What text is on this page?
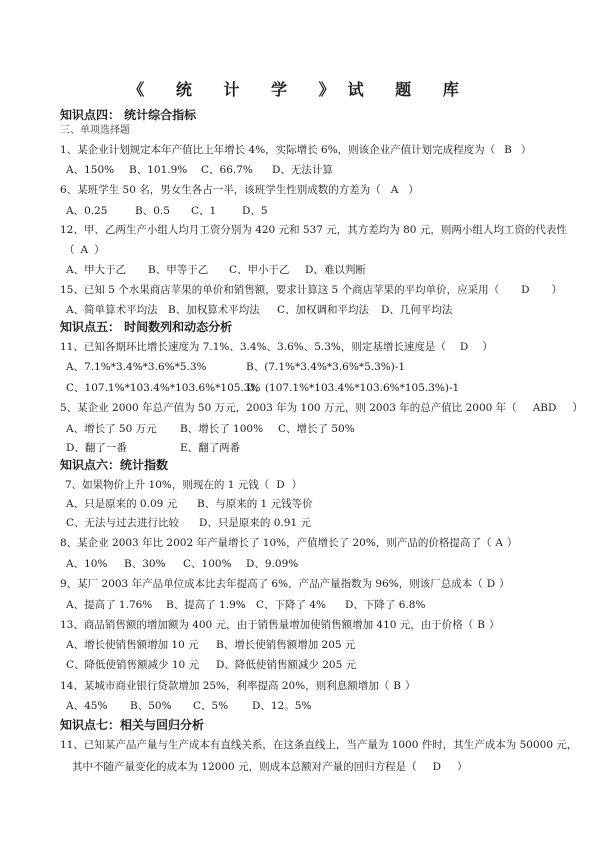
《 统 计 学 》试 题 库
知识点四： 统计综合指标
三、单项选择题
1、某企业计划规定本年产值比上年增长 4%，实际增长 6%，则该企业产值计划完成程度为（ B ）
A、150% B、101.9% C、66.7% D、无法计算
6、某班学生 50 名，男女生各占一半，该班学生性别成数的方差为（ A ）
A、0.25	B、0.5 C、1 D、5
12、甲、乙两生产小组人均月工资分别为 420 元和 537 元，其方差均为 80 元，则两小组人均工资的代表性
（ A ）
A、甲大于乙 B、甲等于乙 C、甲小于乙 D、难以判断
15、已知 5 个水果商店苹果的单价和销售额，要求计算这 5 个商店苹果的平均单价，应采用（ D ）
A、简单算术平均法 B、加权算术平均法 C、加权调和平均法 D、几何平均法
知识点五： 时间数列和动态分析
11、已知各期环比增长速度为 7.1%、3.4%、3.6%、5.3%，则定基增长速度是（ D ）
A、7.1%*3.4%*3.6%*5.3%	B、(7.1%*3.4%*3.6%*5.3%)-1
C、107.1%*103.4%*103.6%*105.3%
D、(107.1%*103.4%*103.6%*105.3%)-1
5、某企业 2000 年总产值为 50 万元，2003 年为 100 万元，则 2003 年的总产值比 2000 年（ ABD ）
A、增长了 50 万元 B、增长了 100% C、增长了 50%
D、翻了一番	E、翻了两番
知识点六：统计指数
7、如果物价上升 10%，则现在的 1 元钱（ D ）
A、只是原来的 0.09 元 B、与原来的 1 元钱等价
C、无法与过去进行比较 D、只是原来的 0.91 元
8、某企业 2003 年比 2002 年产量增长了 10%，产值增长了 20%，则产品的价格提高了（ A ）
A、10% B、30% C、100% D、9.09%
9、某厂 2003 年产品单位成本比去年提高了 6%，产品产量指数为 96%，则该厂总成本（ D ）
A、提高了 1.76% B、提高了 1.9% C、下降了 4% D、下降了 6.8%
13、商品销售额的增加额为 400 元，由于销售量增加使销售额增加 410 元，由于价格（ B ）
A、增长使销售额增加 10 元 B、增长使销售额增加 205 元
C、降低使销售额减少 10 元 D、降低使销售额减少 205 元
14、某城市商业银行贷款增加 25%，利率提高 20%，则利息额增加（ B ）
A、45% B、50% C、5% D、12。5%
知识点七：相关与回归分析
11、已知某产品产量与生产成本有直线关系，在这条直线上，当产量为 1000 件时，其生产成本为 50000 元，
其中不随产量变化的成本为 12000 元，则成本总额对产量的回归方程是（ D ）
